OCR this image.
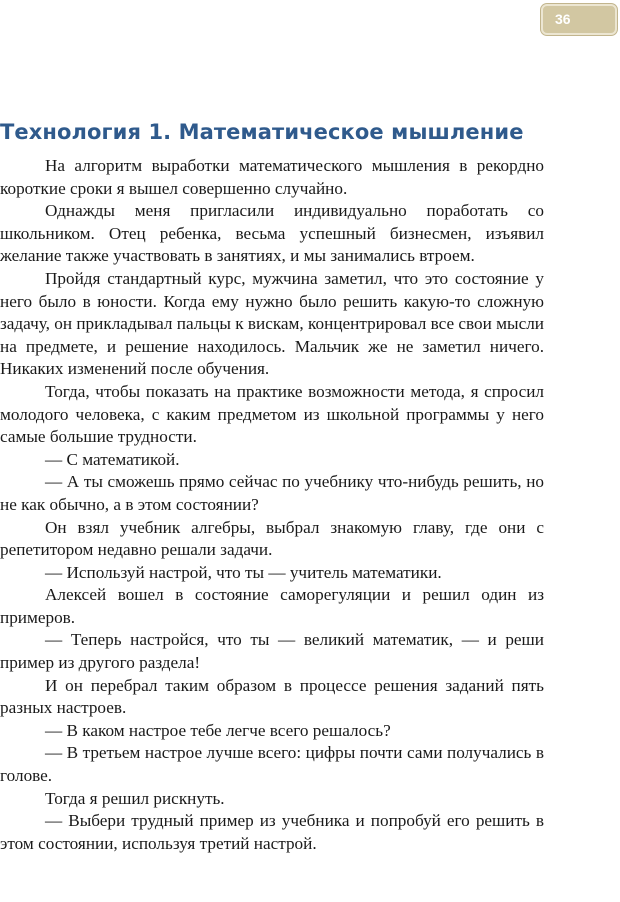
36
Технология 1. Математическое мышление

На алгоритм выработки математического мышления в рекордно короткие сроки я вышел совершенно случайно.

Однажды меня пригласили индивидуально поработать со школьником. Отец ребенка, весьма успешный бизнесмен, изъявил желание также участвовать в занятиях, и мы занимались втроем.

Пройдя стандартный курс, мужчина заметил, что это состояние у него было в юности. Когда ему нужно было решить какую-то сложную задачу, он прикладывал пальцы к вискам, концентрировал все свои мысли на предмете, и решение находилось. Мальчик же не заметил ничего. Никаких изменений после обучения.

Тогда, чтобы показать на практике возможности метода, я спросил молодого человека, с каким предметом из школьной программы у него самые большие трудности.

— С математикой.

— А ты сможешь прямо сейчас по учебнику что-нибудь решить, но не как обычно, а в этом состоянии?

Он взял учебник алгебры, выбрал знакомую главу, где они с репетитором недавно решали задачи.

— Используй настрой, что ты — учитель математики.

Алексей вошел в состояние саморегуляции и решил один из примеров.

— Теперь настройся, что ты — великий математик, — и реши пример из другого раздела!

И он перебрал таким образом в процессе решения заданий пять разных настроев.

— В каком настрое тебе легче всего решалось?

— В третьем настрое лучше всего: цифры почти сами получались в голове.

Тогда я решил рискнуть.

— Выбери трудный пример из учебника и попробуй его решить в этом состоянии, используя третий настрой.
